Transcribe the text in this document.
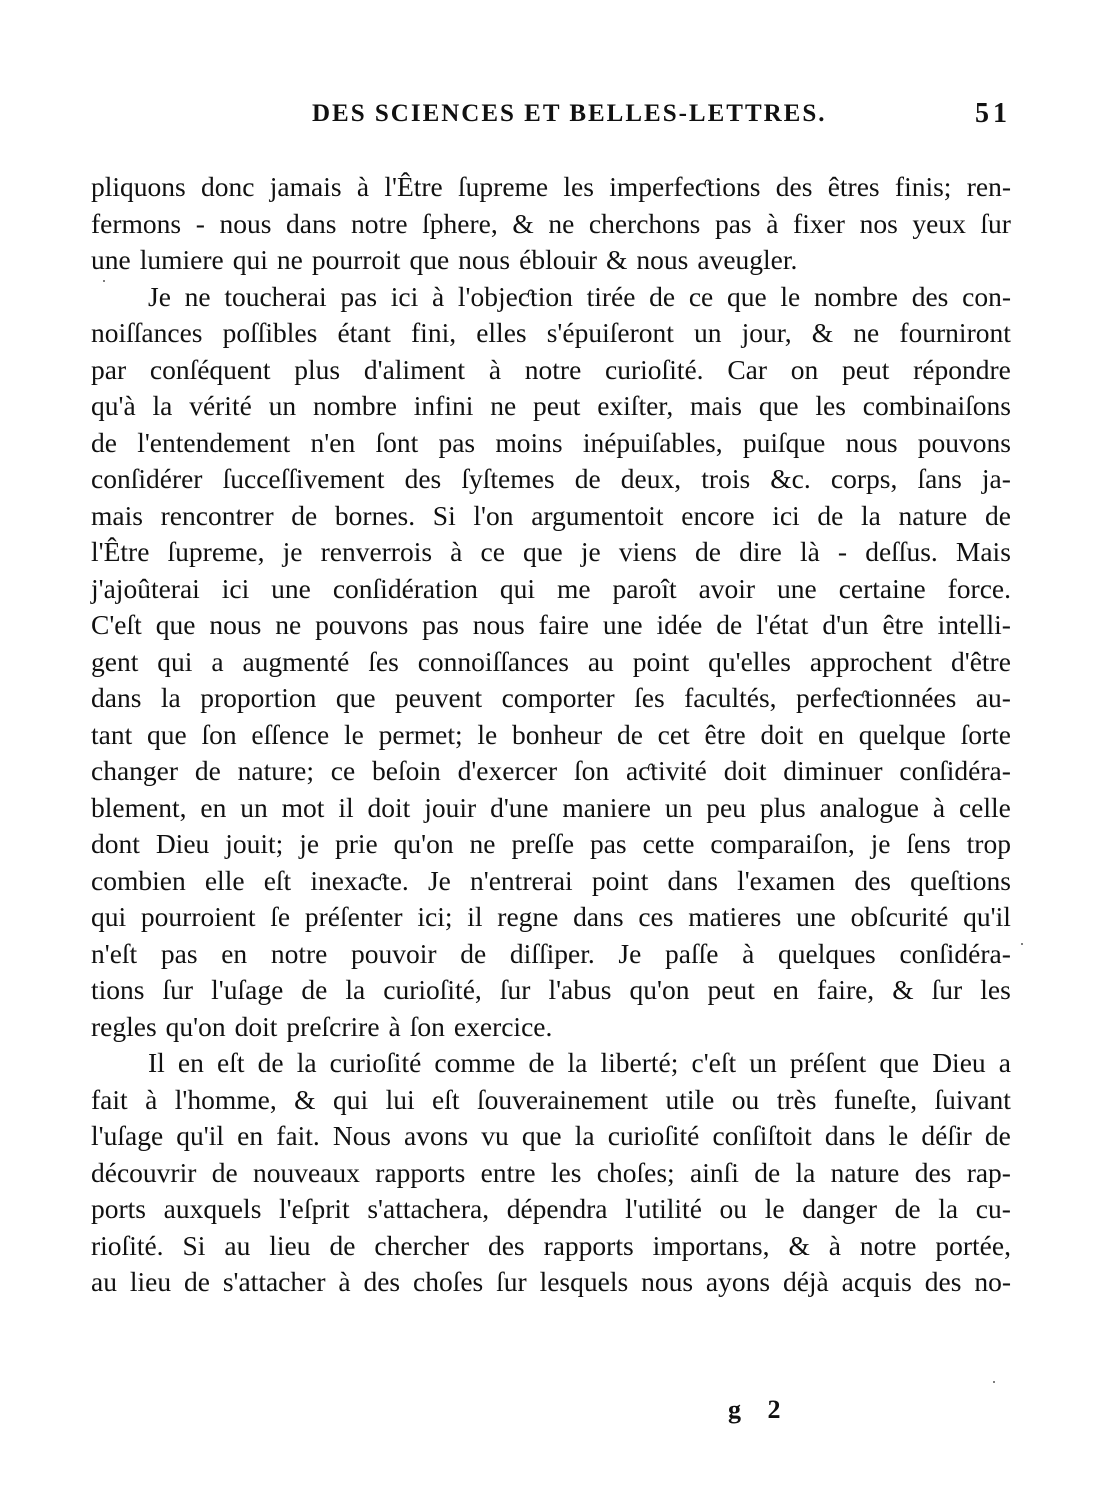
DES SCIENCES ET BELLES-LETTRES.	51
pliquons donc jamais à l'Être ſupreme les imperfeƈtions des êtres finis; ren-
fermons - nous dans notre ſphere, & ne cherchons pas à fixer nos yeux ſur
une lumiere qui ne pourroit que nous éblouir & nous aveugler.
Je ne toucherai pas ici à l'objeƈtion tirée de ce que le nombre des con-
noiſſances poſſibles étant fini, elles s'épuiſeront un jour, & ne fourniront
par conſéquent plus d'aliment à notre curioſité. Car on peut répondre
qu'à la vérité un nombre infini ne peut exiſter, mais que les combinaiſons
de l'entendement n'en ſont pas moins inépuiſables, puiſque nous pouvons
conſidérer ſucceſſivement des ſyſtemes de deux, trois &c. corps, ſans ja-
mais rencontrer de bornes. Si l'on argumentoit encore ici de la nature de
l'Être ſupreme, je renverrois à ce que je viens de dire là - deſſus. Mais
j'ajoûterai ici une conſidération qui me paroît avoir une certaine force.
C'eſt que nous ne pouvons pas nous faire une idée de l'état d'un être intelli-
gent qui a augmenté ſes connoiſſances au point qu'elles approchent d'être
dans la proportion que peuvent comporter ſes facultés, perfeƈtionnées au-
tant que ſon eſſence le permet; le bonheur de cet être doit en quelque ſorte
changer de nature; ce beſoin d'exercer ſon aƈtivité doit diminuer conſidéra-
blement, en un mot il doit jouir d'une maniere un peu plus analogue à celle
dont Dieu jouit; je prie qu'on ne preſſe pas cette comparaiſon, je ſens trop
combien elle eſt inexaƈte. Je n'entrerai point dans l'examen des queſtions
qui pourroient ſe préſenter ici; il regne dans ces matieres une obſcurité qu'il
n'eſt pas en notre pouvoir de diſſiper. Je paſſe à quelques conſidéra-
tions ſur l'uſage de la curioſité, ſur l'abus qu'on peut en faire, & ſur les
regles qu'on doit preſcrire à ſon exercice.
Il en eſt de la curioſité comme de la liberté; c'eſt un préſent que Dieu a
fait à l'homme, & qui lui eſt ſouverainement utile ou très funeſte, ſuivant
l'uſage qu'il en fait. Nous avons vu que la curioſité conſiſtoit dans le déſir de
découvrir de nouveaux rapports entre les choſes; ainſi de la nature des rap-
ports auxquels l'eſprit s'attachera, dépendra l'utilité ou le danger de la cu-
rioſité. Si au lieu de chercher des rapports importans, & à notre portée,
au lieu de s'attacher à des choſes ſur lesquels nous ayons déjà acquis des no-
g 2
